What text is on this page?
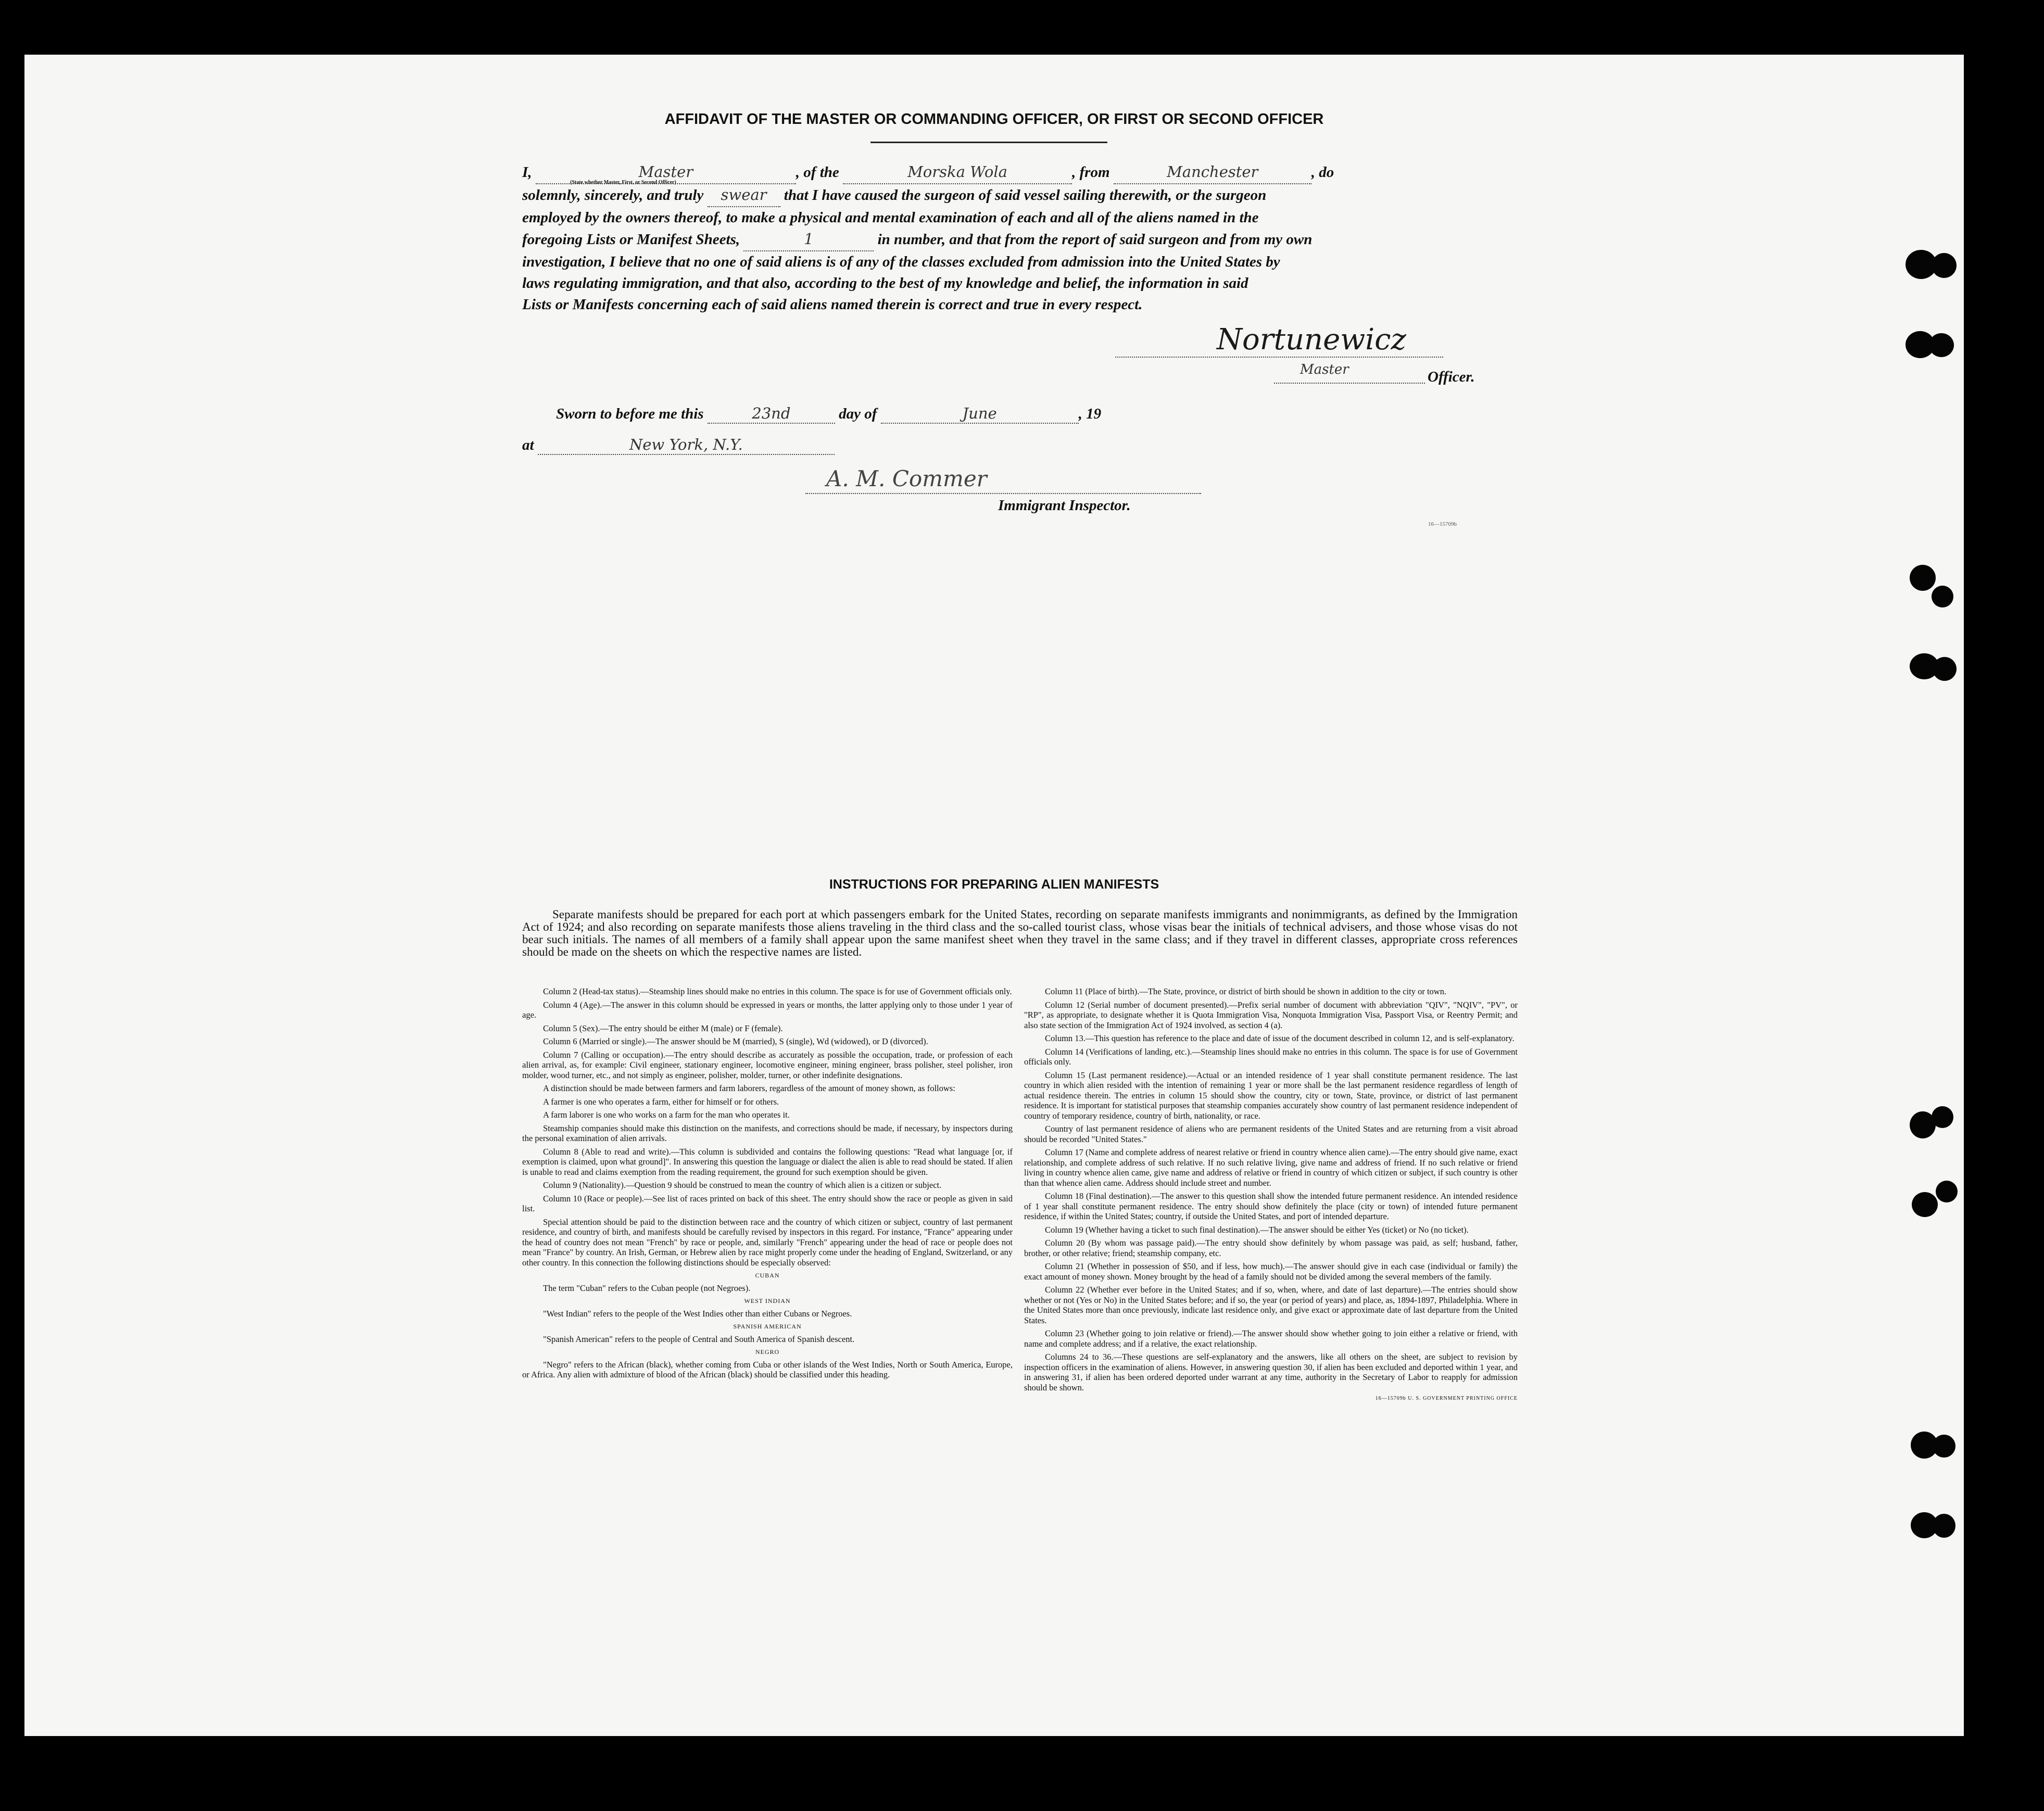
AFFIDAVIT OF THE MASTER OR COMMANDING OFFICER, OR FIRST OR SECOND OFFICER
I,	Master	, of the	Morska Wola	, from	Manchester	, do
(State whether Master, First, or Second Officer)
solemnly, sincerely, and truly swear that I have caused the surgeon of said vessel sailing therewith, or the surgeon
employed by the owners thereof, to make a physical and mental examination of each and all of the aliens named in the
foregoing Lists or Manifest Sheets,	1	in number, and that from the report of said surgeon and from my own
investigation, I believe that no one of said aliens is of any of the classes excluded from admission into the United States by
laws regulating immigration, and that also, according to the best of my knowledge and belief, the information in said
Lists or Manifests concerning each of said aliens named therein is correct and true in every respect.
Nortunewicz
Master	Officer.
Sworn to before me this	23nd	day of	June	, 19
at	New York, N.Y.
A. M. Commer
Immigrant Inspector.
16—15709b
INSTRUCTIONS FOR PREPARING ALIEN MANIFESTS
Separate manifests should be prepared for each port at which passengers embark for the United States, recording on separate manifests immigrants and nonimmigrants, as defined by the Immigration Act of 1924; and also recording on separate manifests those aliens traveling in the third class and the so-called tourist class, whose visas bear the initials of technical advisers, and those whose visas do not bear such initials. The names of all members of a family shall appear upon the same manifest sheet when they travel in the same class; and if they travel in different classes, appropriate cross references should be made on the sheets on which the respective names are listed.

Column 2 (Head-tax status).—Steamship lines should make no entries in this column. The space is for use of Government officials only.

Column 4 (Age).—The answer in this column should be expressed in years or months, the latter applying only to those under 1 year of age.

Column 5 (Sex).—The entry should be either M (male) or F (female).

Column 6 (Married or single).—The answer should be M (married), S (single), Wd (widowed), or D (divorced).

Column 7 (Calling or occupation).—The entry should describe as accurately as possible the occupation, trade, or profession of each alien arrival, as, for example: Civil engineer, stationary engineer, locomotive engineer, mining engineer, brass polisher, steel polisher, iron molder, wood turner, etc., and not simply as engineer, polisher, molder, turner, or other indefinite designations.

A distinction should be made between farmers and farm laborers, regardless of the amount of money shown, as follows:

A farmer is one who operates a farm, either for himself or for others.

A farm laborer is one who works on a farm for the man who operates it.

Steamship companies should make this distinction on the manifests, and corrections should be made, if necessary, by inspectors during the personal examination of alien arrivals.

Column 8 (Able to read and write).—This column is subdivided and contains the following questions: "Read what language [or, if exemption is claimed, upon what ground]". In answering this question the language or dialect the alien is able to read should be stated. If alien is unable to read and claims exemption from the reading requirement, the ground for such exemption should be given.

Column 9 (Nationality).—Question 9 should be construed to mean the country of which alien is a citizen or subject.

Column 10 (Race or people).—See list of races printed on back of this sheet. The entry should show the race or people as given in said list.

Special attention should be paid to the distinction between race and the country of which citizen or subject, country of last permanent residence, and country of birth, and manifests should be carefully revised by inspectors in this regard. For instance, "France" appearing under the head of country does not mean "French" by race or people, and, similarly "French" appearing under the head of race or people does not mean "France" by country. An Irish, German, or Hebrew alien by race might properly come under the heading of England, Switzerland, or any other country. In this connection the following distinctions should be especially observed:

CUBAN

The term "Cuban" refers to the Cuban people (not Negroes).

WEST INDIAN

"West Indian" refers to the people of the West Indies other than either Cubans or Negroes.

SPANISH AMERICAN

"Spanish American" refers to the people of Central and South America of Spanish descent.

NEGRO

"Negro" refers to the African (black), whether coming from Cuba or other islands of the West Indies, North or South America, Europe, or Africa. Any alien with admixture of blood of the African (black) should be classified under this heading.

Column 11 (Place of birth).—The State, province, or district of birth should be shown in addition to the city or town.

Column 12 (Serial number of document presented).—Prefix serial number of document with abbreviation "QIV", "NQIV", "PV", or "RP", as appropriate, to designate whether it is Quota Immigration Visa, Nonquota Immigration Visa, Passport Visa, or Reentry Permit; and also state section of the Immigration Act of 1924 involved, as section 4 (a).

Column 13.—This question has reference to the place and date of issue of the document described in column 12, and is self-explanatory.

Column 14 (Verifications of landing, etc.).—Steamship lines should make no entries in this column. The space is for use of Government officials only.

Column 15 (Last permanent residence).—Actual or an intended residence of 1 year shall constitute permanent residence. The last country in which alien resided with the intention of remaining 1 year or more shall be the last permanent residence regardless of length of actual residence therein. The entries in column 15 should show the country, city or town, State, province, or district of last permanent residence. It is important for statistical purposes that steamship companies accurately show country of last permanent residence independent of country of temporary residence, country of birth, nationality, or race.

Country of last permanent residence of aliens who are permanent residents of the United States and are returning from a visit abroad should be recorded "United States."

Column 17 (Name and complete address of nearest relative or friend in country whence alien came).—The entry should give name, exact relationship, and complete address of such relative. If no such relative living, give name and address of friend. If no such relative or friend living in country whence alien came, give name and address of relative or friend in country of which citizen or subject, if such country is other than that whence alien came. Address should include street and number.

Column 18 (Final destination).—The answer to this question shall show the intended future permanent residence. An intended residence of 1 year shall constitute permanent residence. The entry should show definitely the place (city or town) of intended future permanent residence, if within the United States; country, if outside the United States, and port of intended departure.

Column 19 (Whether having a ticket to such final destination).—The answer should be either Yes (ticket) or No (no ticket).

Column 20 (By whom was passage paid).—The entry should show definitely by whom passage was paid, as self; husband, father, brother, or other relative; friend; steamship company, etc.

Column 21 (Whether in possession of $50, and if less, how much).—The answer should give in each case (individual or family) the exact amount of money shown. Money brought by the head of a family should not be divided among the several members of the family.

Column 22 (Whether ever before in the United States; and if so, when, where, and date of last departure).—The entries should show whether or not (Yes or No) in the United States before; and if so, the year (or period of years) and place, as, 1894-1897, Philadelphia. Where in the United States more than once previously, indicate last residence only, and give exact or approximate date of last departure from the United States.

Column 23 (Whether going to join relative or friend).—The answer should show whether going to join either a relative or friend, with name and complete address; and if a relative, the exact relationship.

Columns 24 to 36.—These questions are self-explanatory and the answers, like all others on the sheet, are subject to revision by inspection officers in the examination of aliens. However, in answering question 30, if alien has been excluded and deported within 1 year, and in answering 31, if alien has been ordered deported under warrant at any time, authority in the Secretary of Labor to reapply for admission should be shown.

16—15709b U. S. GOVERNMENT PRINTING OFFICE
